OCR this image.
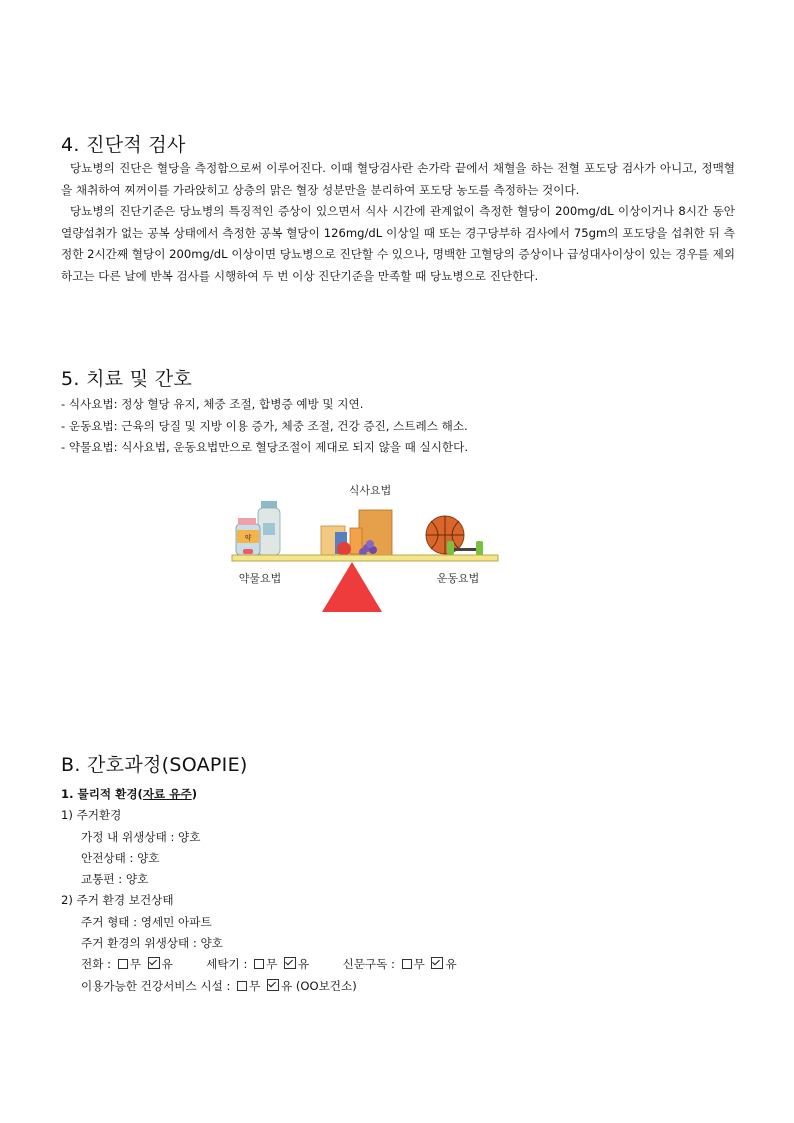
4. 진단적 검사

당뇨병의 진단은 혈당을 측정함으로써 이루어진다. 이때 혈당검사란 손가락 끝에서 채혈을 하는 전혈 포도당 검사가 아니고, 정맥혈을 채취하여 찌꺼이를 가라앉히고 상층의 맑은 혈장 성분만을 분리하여 포도당 농도를 측정하는 것이다.

당뇨병의 진단기준은 당뇨병의 특징적인 증상이 있으면서 식사 시간에 관계없이 측정한 혈당이 200mg/dL 이상이거나 8시간 동안 열량섭취가 없는 공복 상태에서 측정한 공복 혈당이 126mg/dL 이상일 때 또는 경구당부하 검사에서 75gm의 포도당을 섭취한 뒤 측정한 2시간째 혈당이 200mg/dL 이상이면 당뇨병으로 진단할 수 있으나, 명백한 고혈당의 증상이나 급성대사이상이 있는 경우를 제외하고는 다른 날에 반복 검사를 시행하여 두 번 이상 진단기준을 만족할 때 당뇨병으로 진단한다.

5. 치료 및 간호
- 식사요법: 정상 혈당 유지, 체중 조절, 합병증 예방 및 지연.
- 운동요법: 근육의 당질 및 지방 이용 증가, 체중 조절, 건강 증진, 스트레스 해소.
- 약물요법: 식사요법, 운동요법만으로 혈당조절이 제대로 되지 않을 때 실시한다.
식사요법
약
약물요법	운동요법
B. 간호과정(SOAPIE)
1. 물리적 환경(자료 유주)
1) 주거환경
가정 내 위생상태 : 양호
안전상태 : 양호
교통편 : 양호
2) 주거 환경 보건상태
주거 형태 : 영세민 아파트
주거 환경의 위생상태 : 양호
전화 : 무 유	세탁기 : 무 유	신문구독 : 무 유
이용가능한 건강서비스 시설 : 무 유 (OO보건소)
